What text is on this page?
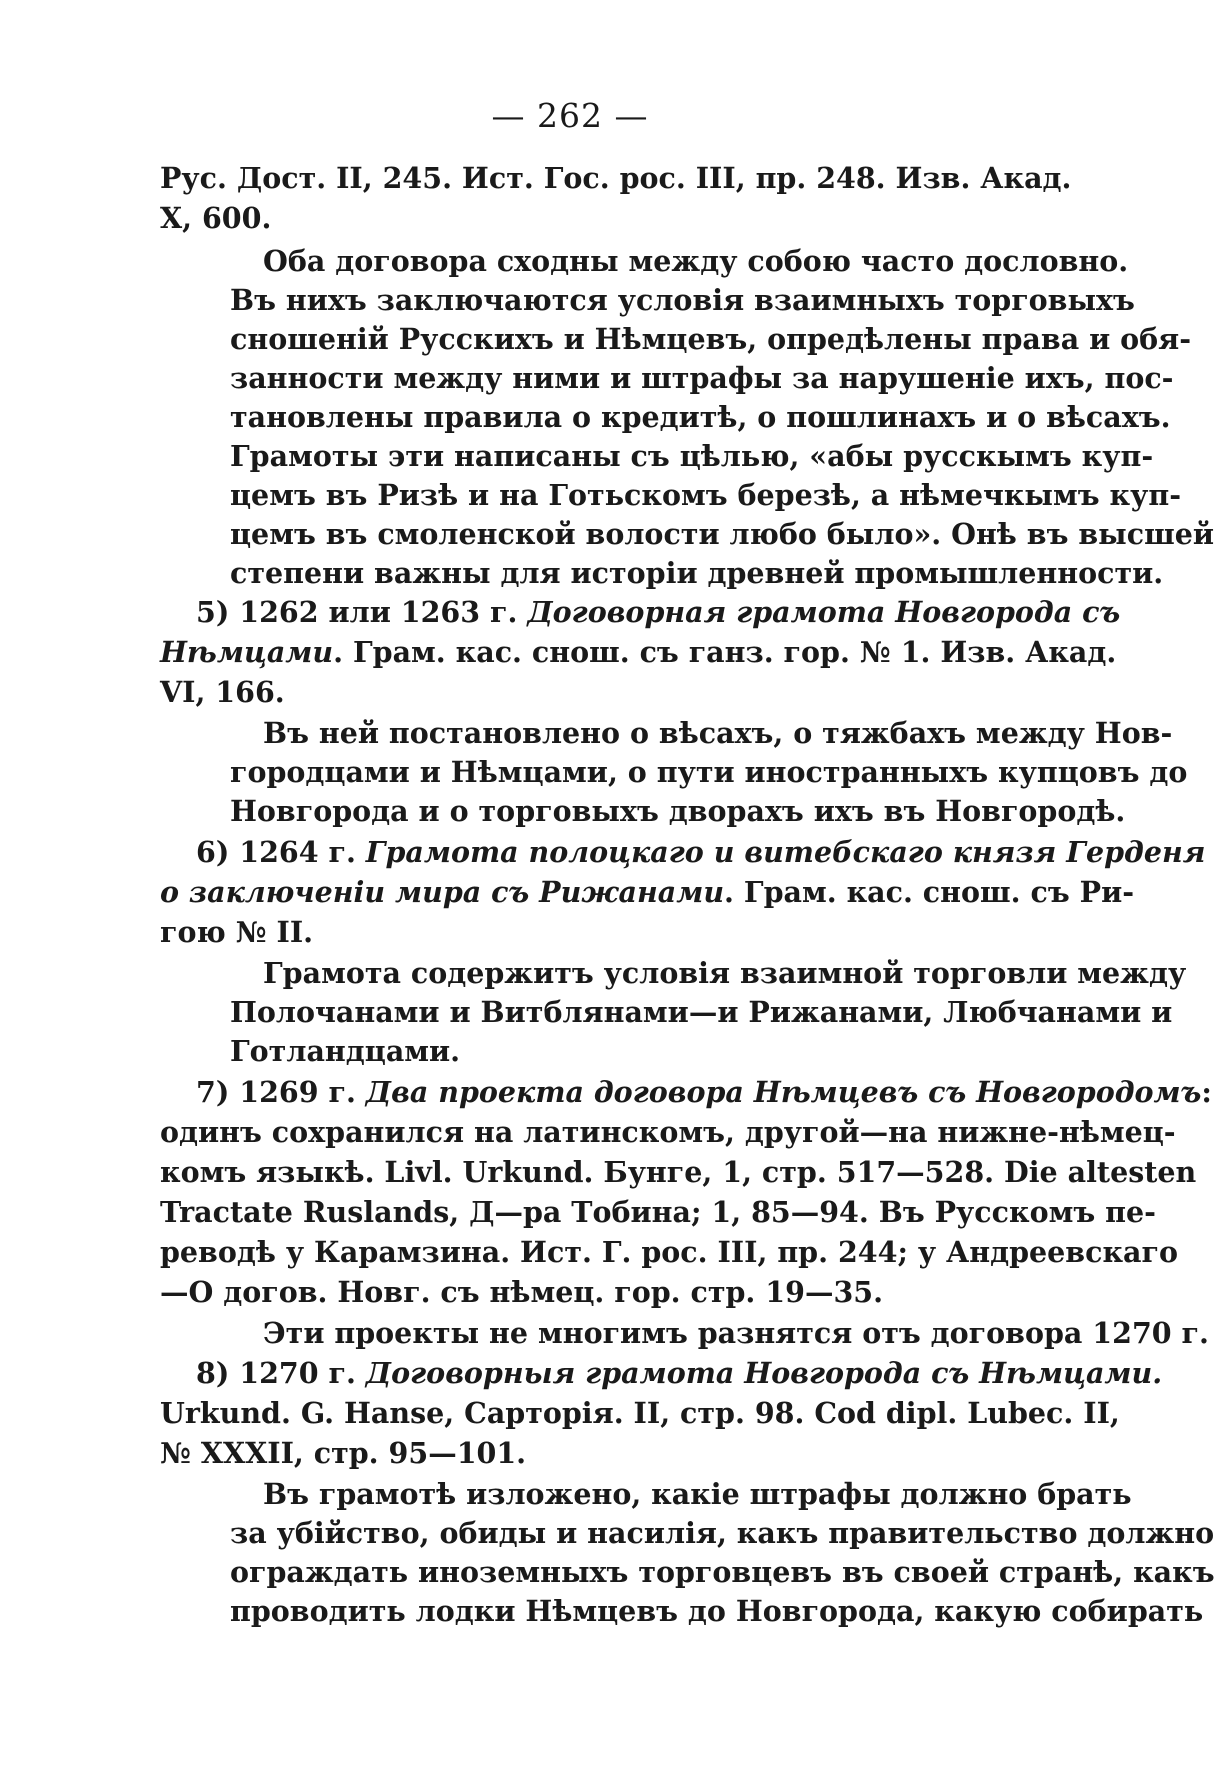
— 262 —
Рус. Дост. II, 245. Ист. Гос. рос. III, пр. 248. Изв. Акад.
X, 600.
Оба договора сходны между собою часто дословно.
Въ нихъ заключаются условія взаимныхъ торговыхъ
сношеній Русскихъ и Нѣмцевъ, опредѣлены права и обя-
занности между ними и штрафы за нарушеніе ихъ, пос-
тановлены правила о кредитѣ, о пошлинахъ и о вѣсахъ.
Грамоты эти написаны съ цѣлью, «абы русскымъ куп-
цемъ въ Ризѣ и на Готьскомъ березѣ, а нѣмечкымъ куп-
цемъ въ смоленской волости любо было». Онѣ въ высшей
степени важны для исторіи древней промышленности.
5) 1262 или 1263 г. Договорная грамота Новгорода съ
Нѣмцами. Грам. кас. снош. съ ганз. гор. № 1. Изв. Акад.
VI, 166.
Въ ней постановлено о вѣсахъ, о тяжбахъ между Нов-
городцами и Нѣмцами, о пути иностранныхъ купцовъ до
Новгорода и о торговыхъ дворахъ ихъ въ Новгородѣ.
6) 1264 г. Грамота полоцкаго и витебскаго князя Герденя
о заключеніи мира съ Рижанами. Грам. кас. снош. съ Ри-
гою № II.
Грамота содержитъ условія взаимной торговли между
Полочанами и Витблянами—и Рижанами, Любчанами и
Готландцами.
7) 1269 г. Два проекта договора Нѣмцевъ съ Новгородомъ:
одинъ сохранился на латинскомъ, другой—на нижне-нѣмец-
комъ языкѣ. Livl. Urkund. Бунге, 1, стр. 517—528. Die altesten
Tractate Ruslands, Д—ра Тобина; 1, 85—94. Въ Русскомъ пе-
реводѣ у Карамзина. Ист. Г. рос. III, пр. 244; у Андреевскаго
—О догов. Новг. съ нѣмец. гор. стр. 19—35.
Эти проекты не многимъ разнятся отъ договора 1270 г.
8) 1270 г. Договорныя грамота Новгорода съ Нѣмцами.
Urkund. G. Hanse, Сарторія. II, стр. 98. Cod dipl. Lubec. II,
№ XXXII, стр. 95—101.
Въ грамотѣ изложено, какіе штрафы должно брать
за убійство, обиды и насилія, какъ правительство должно
ограждать иноземныхъ торговцевъ въ своей странѣ, какъ
проводить лодки Нѣмцевъ до Новгорода, какую собирать
